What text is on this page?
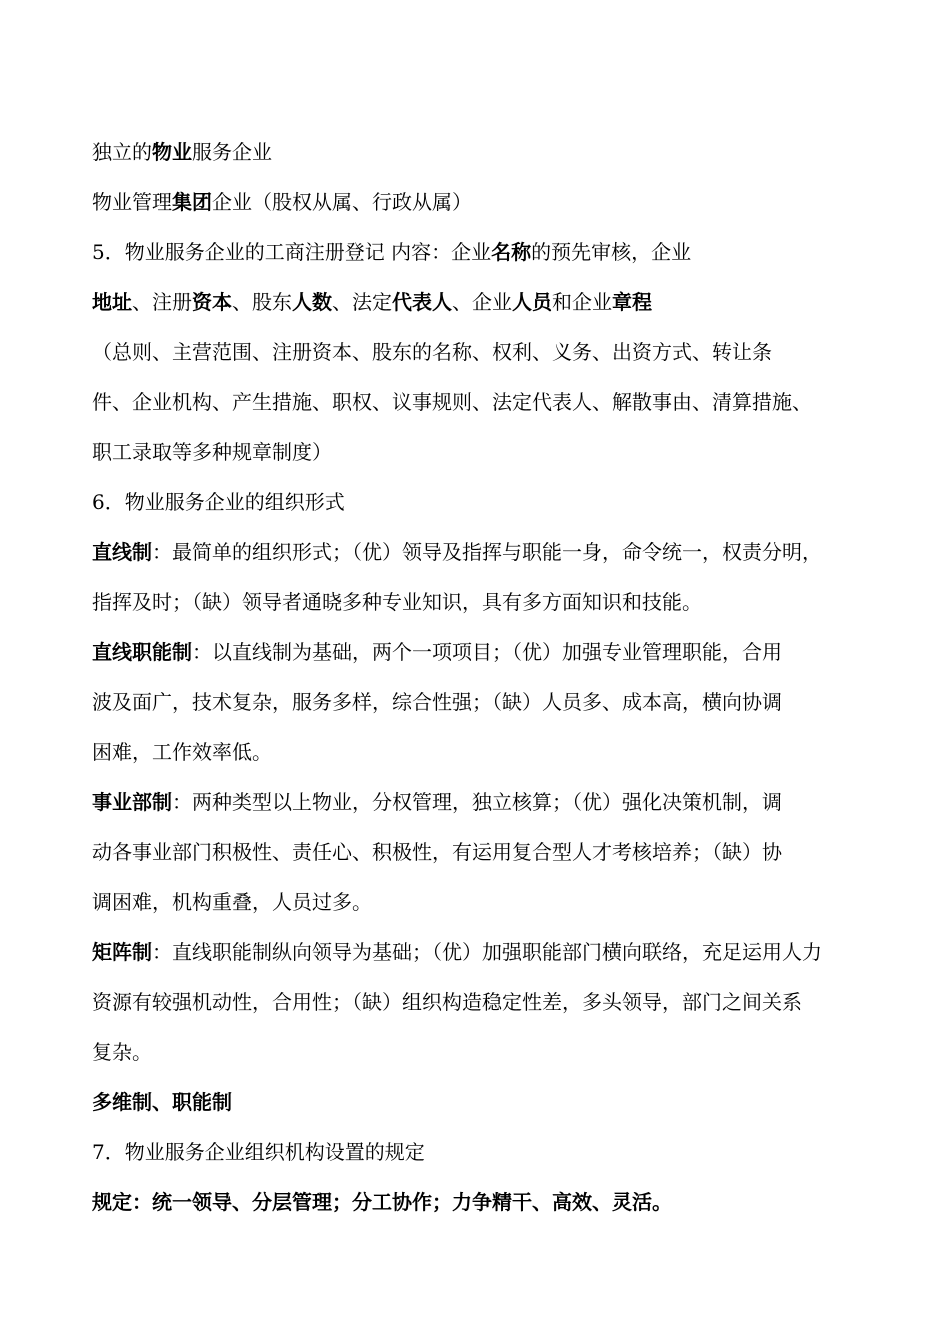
独立的物业服务企业
物业管理集团企业（股权从属、行政从属）
5．物业服务企业的工商注册登记 内容：企业名称的预先审核，企业
地址、注册资本、股东人数、法定代表人、企业人员和企业章程
（总则、主营范围、注册资本、股东的名称、权利、义务、出资方式、转让条
件、企业机构、产生措施、职权、议事规则、法定代表人、解散事由、清算措施、
职工录取等多种规章制度）
6．物业服务企业的组织形式
直线制：最简单的组织形式；（优）领导及指挥与职能一身，命令统一，权责分明，
指挥及时；（缺）领导者通晓多种专业知识，具有多方面知识和技能。
直线职能制：以直线制为基础，两个一项项目；（优）加强专业管理职能，合用
波及面广，技术复杂，服务多样，综合性强；（缺）人员多、成本高，横向协调
困难，工作效率低。
事业部制：两种类型以上物业，分权管理，独立核算；（优）强化决策机制，调
动各事业部门积极性、责任心、积极性，有运用复合型人才考核培养；（缺）协
调困难，机构重叠，人员过多。
矩阵制：直线职能制纵向领导为基础；（优）加强职能部门横向联络，充足运用人力
资源有较强机动性，合用性；（缺）组织构造稳定性差，多头领导，部门之间关系
复杂。
多维制、职能制
7．物业服务企业组织机构设置的规定
规定：统一领导、分层管理；分工协作；力争精干、高效、灵活。
